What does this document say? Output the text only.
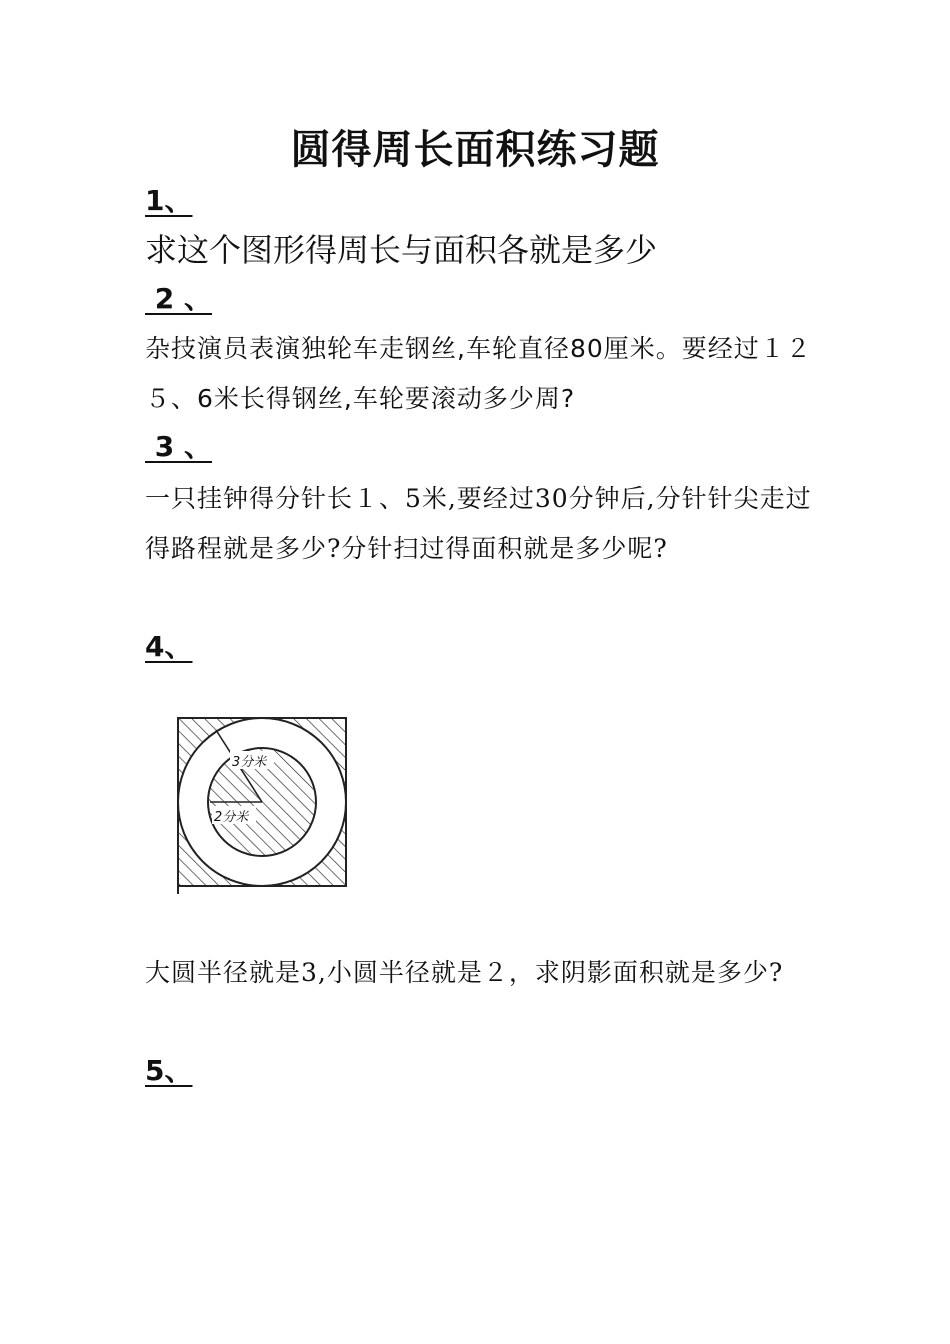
圆得周长面积练习题
1、
求这个图形得周长与面积各就是多少
2 、
杂技演员表演独轮车走钢丝,车轮直径80厘米。要经过１２５、6米长得钢丝,车轮要滚动多少周?
3 、
一只挂钟得分针长１、5米,要经过30分钟后,分针针尖走过得路程就是多少?分针扫过得面积就是多少呢?
4、
3分米
2分米
大圆半径就是3,小圆半径就是２，求阴影面积就是多少?
5、
